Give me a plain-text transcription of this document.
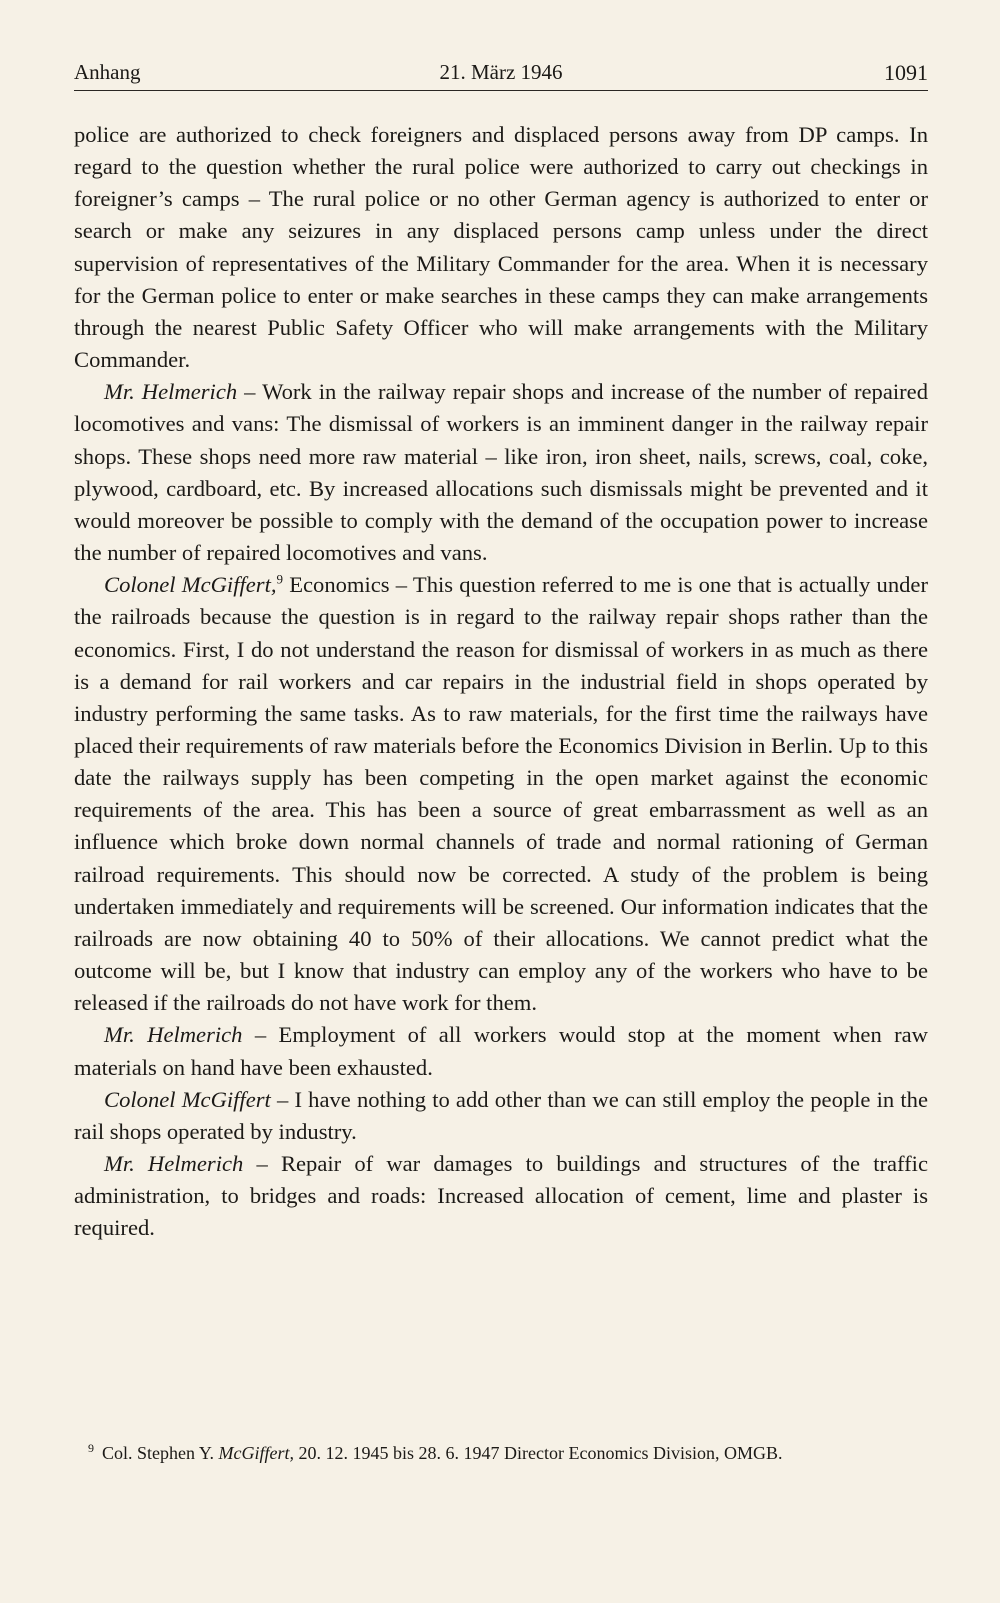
Anhang	21. März 1946	1091

police are authorized to check foreigners and displaced persons away from DP camps. In regard to the question whether the rural police were authorized to carry out checkings in foreigner’s camps – The rural police or no other German agency is authorized to enter or search or make any seizures in any displaced persons camp unless under the direct supervision of representatives of the Military Commander for the area. When it is necessary for the German police to enter or make searches in these camps they can make arrangements through the nearest Public Safety Officer who will make arrangements with the Military Commander.

Mr. Helmerich – Work in the railway repair shops and increase of the number of repaired locomotives and vans: The dismissal of workers is an imminent danger in the railway repair shops. These shops need more raw material – like iron, iron sheet, nails, screws, coal, coke, plywood, cardboard, etc. By increased allocations such dismissals might be prevented and it would moreover be possible to comply with the demand of the occupation power to increase the number of repaired locomotives and vans.

Colonel McGiffert,$^9$ Economics – This question referred to me is one that is actually under the railroads because the question is in regard to the railway repair shops rather than the economics. First, I do not understand the reason for dismissal of workers in as much as there is a demand for rail workers and car repairs in the industrial field in shops operated by industry performing the same tasks. As to raw materials, for the first time the railways have placed their requirements of raw materials before the Economics Division in Berlin. Up to this date the railways supply has been competing in the open market against the economic requirements of the area. This has been a source of great embarrassment as well as an influence which broke down normal channels of trade and normal rationing of German railroad requirements. This should now be corrected. A study of the problem is being undertaken immediately and requirements will be screened. Our information indicates that the railroads are now obtaining 40 to 50% of their allocations. We cannot predict what the outcome will be, but I know that industry can employ any of the workers who have to be released if the railroads do not have work for them.

Mr. Helmerich – Employment of all workers would stop at the moment when raw materials on hand have been exhausted.

Colonel McGiffert – I have nothing to add other than we can still employ the people in the rail shops operated by industry.

Mr. Helmerich – Repair of war damages to buildings and structures of the traffic administration, to bridges and roads: Increased allocation of cement, lime and plaster is required.

$^9$ Col. Stephen Y. McGiffert, 20. 12. 1945 bis 28. 6. 1947 Director Economics Division, OMGB.
